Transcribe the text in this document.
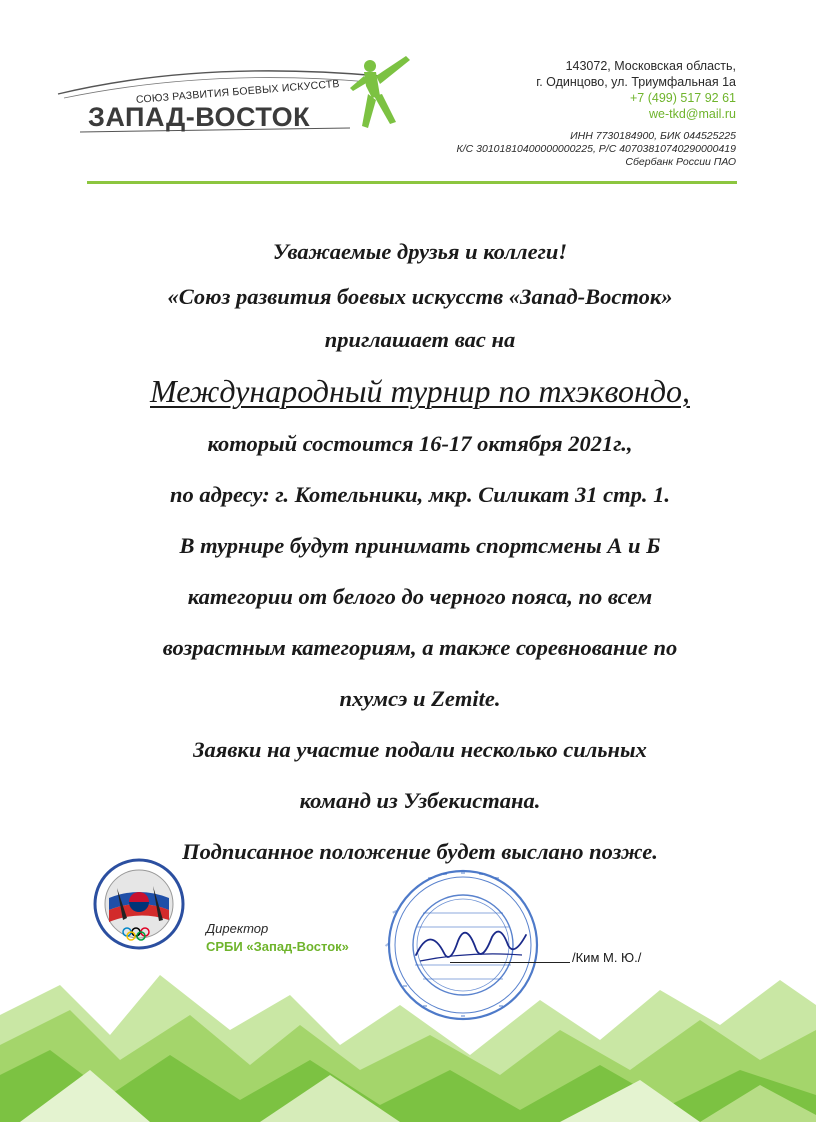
СОЮЗ РАЗВИТИЯ БОЕВЫХ ИСКУССТВ
ЗАПАД-ВОСТОК
143072, Московская область,
г. Одинцово, ул. Триумфальная 1а
+7 (499) 517 92 61
we-tkd@mail.ru
ИНН 7730184900, БИК 044525225
К/С 30101810400000000225, Р/С 40703810740290000419
Сбербанк России ПАО

Уважаемые друзья и коллеги!

«Союз развития боевых искусств «Запад-Восток»

приглашает вас на

Международный турнир по тхэквондо,

который состоится 16-17 октября 2021г.,

по адресу: г. Котельники, мкр. Силикат 31 стр. 1.

В турнире будут принимать спортсмены А и Б

категории от белого до черного пояса, по всем

возрастным категориям, а также соревнование по

пхумсэ и Zemite.

Заявки на участие подали несколько сильных

команд из Узбекистана.

Подписанное положение будет выслано позже.

Директор
СРБИ «Запад-Восток»
/Ким М. Ю./
